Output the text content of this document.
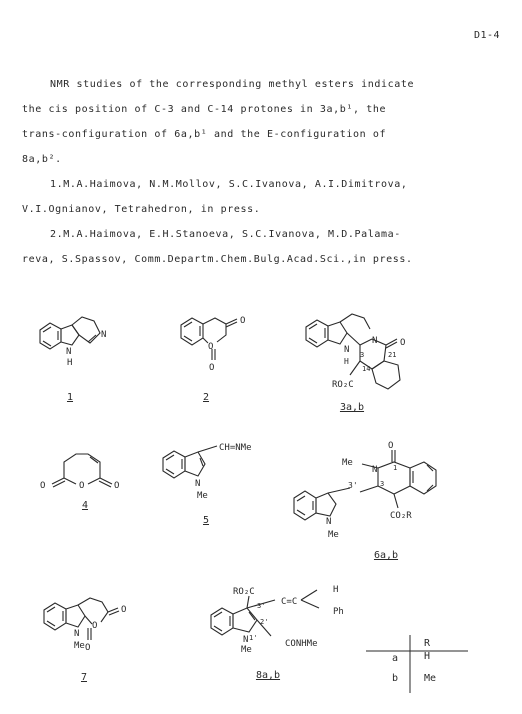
D1-4
NMR studies of the corresponding methyl esters indicate
the cis position of C-3 and C-14 protones in 3a,b¹, the
trans-configuration of 6a,b¹ and the E-configuration of
8a,b².
1.M.A.Haimova, N.M.Mollov, S.C.Ivanova, A.I.Dimitrova,
V.I.Ognianov, Tetrahedron, in press.
2.M.A.Haimova, E.H.Stanoeva, S.C.Ivanova, M.D.Palama-
reva, S.Spassov, Comm.Departm.Chem.Bulg.Acad.Sci.,in press.
N
H
N
1
O
O
O
2
N
H
N	O
3
14
21
RO₂C
3a,b
O	O	O
4
CH=NMe
N
Me
5
O
Me
N 1
3
3'
N
Me
CO₂R
6a,b
O
O
O
N
Me
7
RO₂C
C=C
H
Ph
3'
2'
1'
N
Me
CONHMe
8a,b
R
a	H
b	Me
